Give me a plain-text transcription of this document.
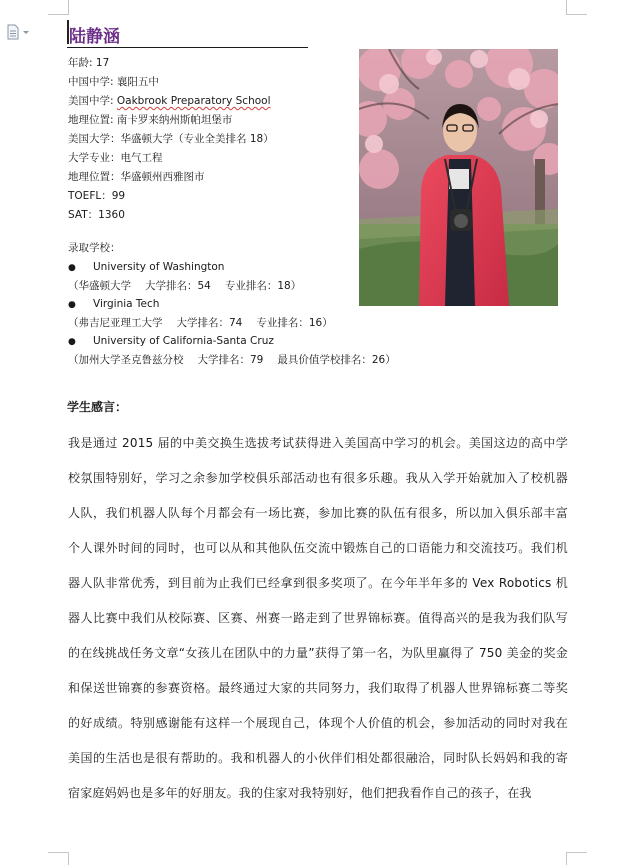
陆静涵
年龄: 17
中国中学: 襄阳五中
美国中学: Oakbrook Preparatory School
地理位置: 南卡罗来纳州斯帕坦堡市
美国大学：华盛顿大学（专业全美排名 18）
大学专业：电气工程
地理位置：华盛顿州西雅图市
TOEFL：99
SAT：1360
录取学校：
● University of Washington
（华盛顿大学 大学排名：54 专业排名：18）
● Virginia Tech
（弗吉尼亚理工大学 大学排名：74 专业排名：16）
● University of California-Santa Cruz
（加州大学圣克鲁兹分校 大学排名：79 最具价值学校排名：26）
学生感言：
我是通过 2015 届的中美交换生选拔考试获得进入美国高中学习的机会。美国这边的高中学校氛围特别好，学习之余参加学校俱乐部活动也有很多乐趣。我从入学开始就加入了校机器人队，我们机器人队每个月都会有一场比赛，参加比赛的队伍有很多，所以加入俱乐部丰富个人课外时间的同时，也可以从和其他队伍交流中锻炼自己的口语能力和交流技巧。我们机器人队非常优秀，到目前为止我们已经拿到很多奖项了。在今年半年多的 Vex Robotics 机器人比赛中我们从校际赛、区赛、州赛一路走到了世界锦标赛。值得高兴的是我为我们队写的在线挑战任务文章“女孩儿在团队中的力量”获得了第一名，为队里赢得了 750 美金的奖金和保送世锦赛的参赛资格。最终通过大家的共同努力，我们取得了机器人世界锦标赛二等奖的好成绩。特别感谢能有这样一个展现自己，体现个人价值的机会，参加活动的同时对我在美国的生活也是很有帮助的。我和机器人的小伙伴们相处都很融洽，同时队长妈妈和我的寄宿家庭妈妈也是多年的好朋友。我的住家对我特别好，他们把我看作自己的孩子，在我
